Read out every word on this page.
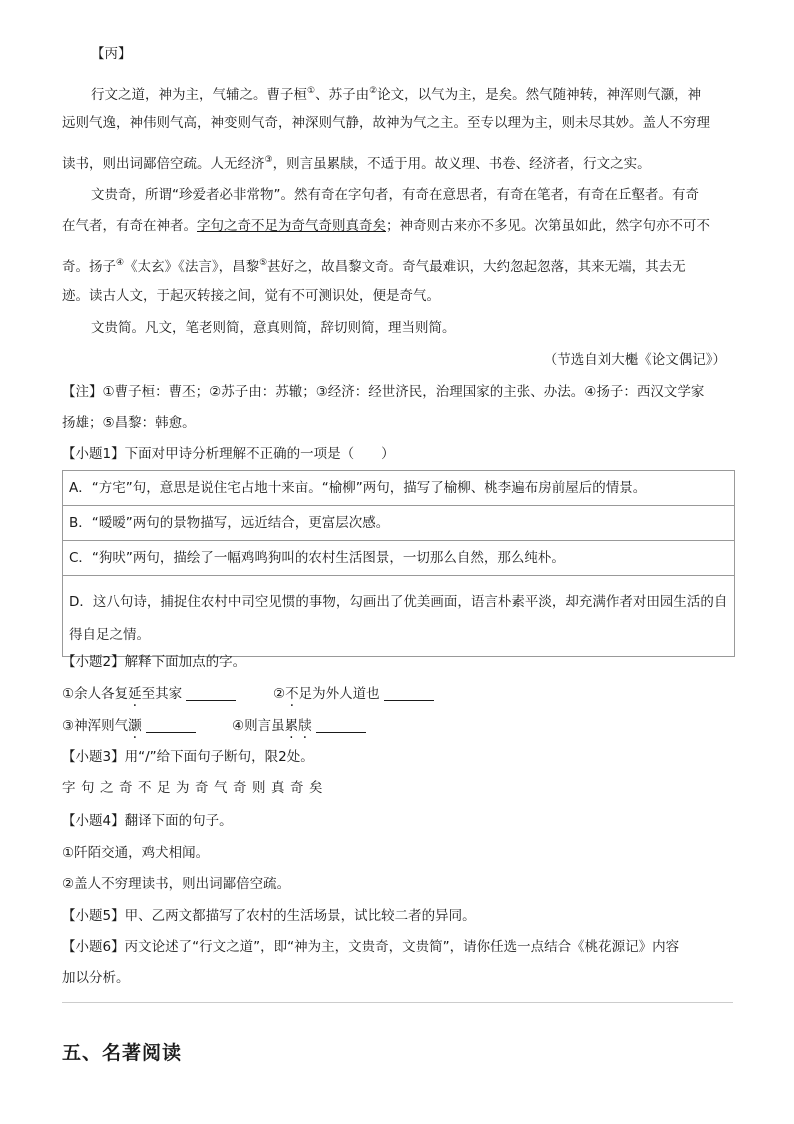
【丙】
行文之道，神为主，气辅之。曹子桓①、苏子由②论文，以气为主，是矣。然气随神转，神浑则气灏，神
远则气逸，神伟则气高，神变则气奇，神深则气静，故神为气之主。至专以理为主，则未尽其妙。盖人不穷理
读书，则出词鄙倍空疏。人无经济③，则言虽累牍，不适于用。故义理、书卷、经济者，行文之实。
文贵奇，所谓“珍爱者必非常物”。然有奇在字句者，有奇在意思者，有奇在笔者，有奇在丘壑者。有奇
在气者，有奇在神者。字句之奇不足为奇气奇则真奇矣；神奇则古来亦不多见。次第虽如此，然字句亦不可不
奇。扬子④《太玄》《法言》，昌黎⑤甚好之，故昌黎文奇。奇气最难识，大约忽起忽落，其来无端，其去无
迹。读古人文，于起灭转接之间，觉有不可测识处，便是奇气。
文贵简。凡文，笔老则简，意真则简，辞切则简，理当则简。
（节选自刘大櫆《论文偶记》）
【注】①曹子桓：曹丕；②苏子由：苏辙；③经济：经世济民，治理国家的主张、办法。④扬子：西汉文学家
扬雄；⑤昌黎：韩愈。
【小题1】下面对甲诗分析理解不正确的一项是（　　）
A．“方宅”句，意思是说住宅占地十来亩。“榆柳”两句，描写了榆柳、桃李遍布房前屋后的情景。
B．“暧暧”两句的景物描写，远近结合，更富层次感。
C．“狗吠”两句，描绘了一幅鸡鸣狗叫的农村生活图景，一切那么自然，那么纯朴。
D．这八句诗，捕捉住农村中司空见惯的事物，勾画出了优美画面，语言朴素平淡，却充满作者对田园生活的自得自足之情。
【小题2】解释下面加点的字。
①余人各复延至其家	②不足为外人道也
③神浑则气灏	④则言虽累牍
【小题3】用“/”给下面句子断句，限2处。
字句之奇不足为奇气奇则真奇矣
【小题4】翻译下面的句子。
①阡陌交通，鸡犬相闻。
②盖人不穷理读书，则出词鄙倍空疏。
【小题5】甲、乙两文都描写了农村的生活场景，试比较二者的异同。
【小题6】丙文论述了“行文之道”，即“神为主，文贵奇，文贵简”，请你任选一点结合《桃花源记》内容
加以分析。
五、名著阅读
